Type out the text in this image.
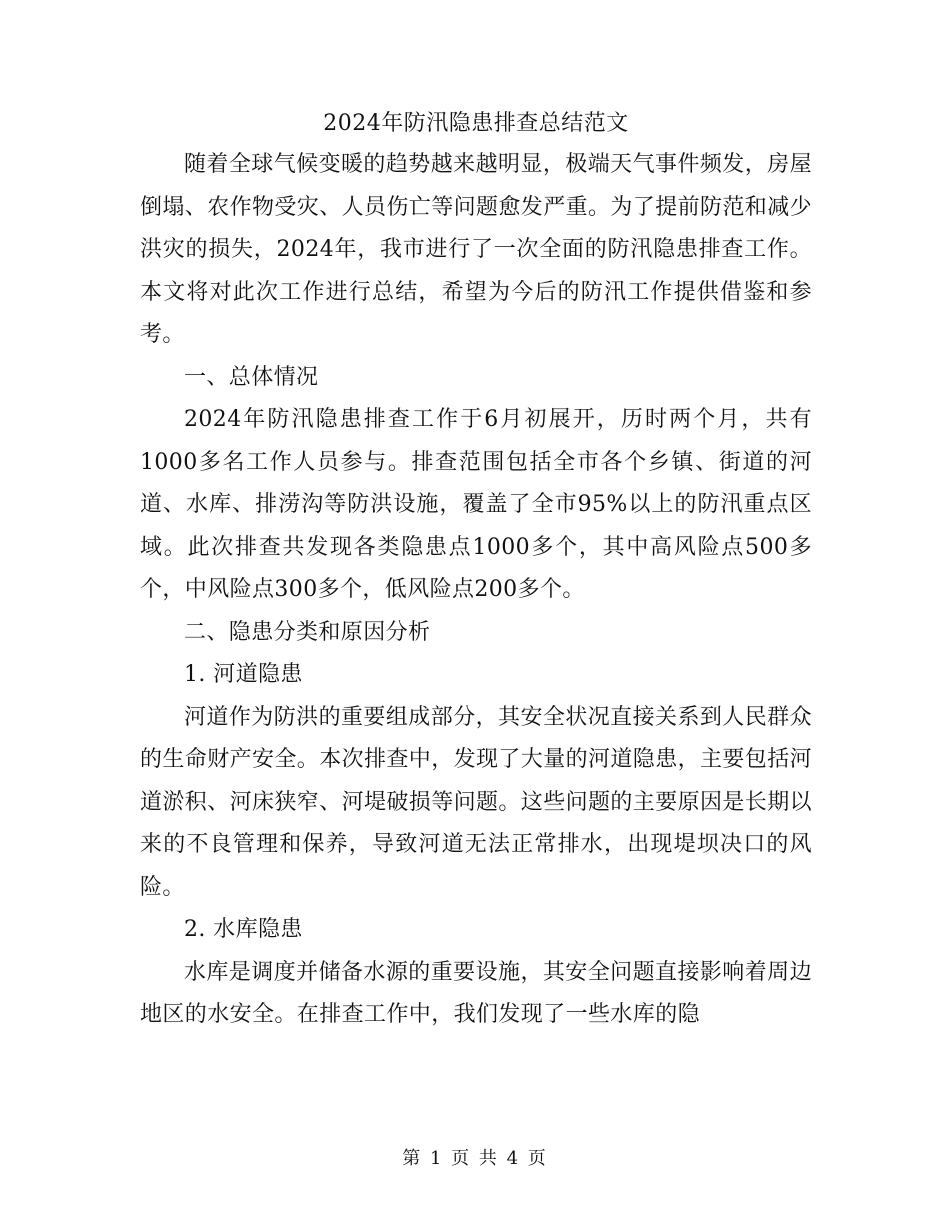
2024年防汛隐患排查总结范文

随着全球气候变暖的趋势越来越明显，极端天气事件频发，房屋倒塌、农作物受灾、人员伤亡等问题愈发严重。为了提前防范和减少洪灾的损失，2024年，我市进行了一次全面的防汛隐患排查工作。本文将对此次工作进行总结，希望为今后的防汛工作提供借鉴和参考。

一、总体情况

2024年防汛隐患排查工作于6月初展开，历时两个月，共有1000多名工作人员参与。排查范围包括全市各个乡镇、街道的河道、水库、排涝沟等防洪设施，覆盖了全市95%以上的防汛重点区域。此次排查共发现各类隐患点1000多个，其中高风险点500多个，中风险点300多个，低风险点200多个。

二、隐患分类和原因分析

1. 河道隐患

河道作为防洪的重要组成部分，其安全状况直接关系到人民群众的生命财产安全。本次排查中，发现了大量的河道隐患，主要包括河道淤积、河床狭窄、河堤破损等问题。这些问题的主要原因是长期以来的不良管理和保养，导致河道无法正常排水，出现堤坝决口的风险。

2. 水库隐患

水库是调度并储备水源的重要设施，其安全问题直接影响着周边地区的水安全。在排查工作中，我们发现了一些水库的隐

第 1 页 共 4 页
